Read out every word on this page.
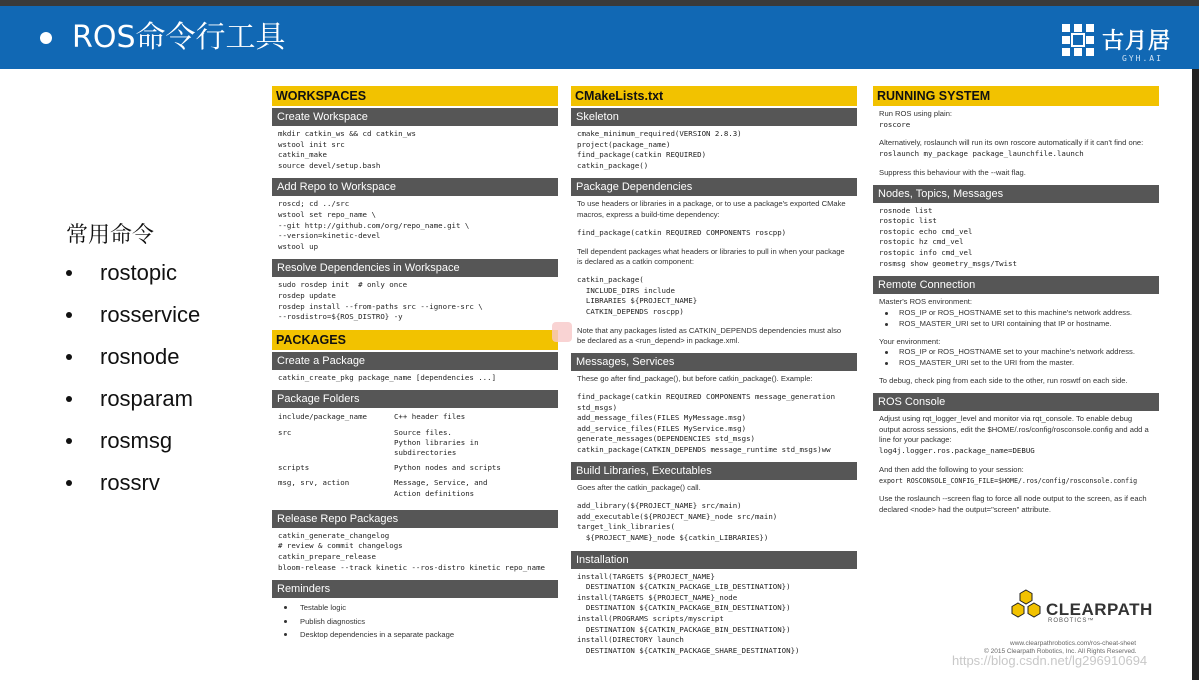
ROS命令行工具	古月居
GYH.AI
常用命令
rostopic
rosservice
rosnode
rosparam
rosmsg
rossrv
WORKSPACES
Create Workspace
mkdir catkin_ws && cd catkin_ws
wstool init src
catkin_make
source devel/setup.bash
Add Repo to Workspace
roscd; cd ../src
wstool set repo_name \
--git http://github.com/org/repo_name.git \
--version=kinetic-devel
wstool up
Resolve Dependencies in Workspace
sudo rosdep init  # only once
rosdep update
rosdep install --from-paths src --ignore-src \
--rosdistro=${ROS_DISTRO} -y
PACKAGES
Create a Package
catkin_create_pkg package_name [dependencies ...]
Package Folders
include/package_name	C++ header files
src	Source files.
Python libraries in
subdirectories
scripts	Python nodes and scripts
msg, srv, action	Message, Service, and
Action definitions
Release Repo Packages
catkin_generate_changelog
# review & commit changelogs
catkin_prepare_release
bloom-release --track kinetic --ros-distro kinetic repo_name
Reminders
Testable logic
Publish diagnostics
Desktop dependencies in a separate package
CMakeLists.txt
Skeleton
cmake_minimum_required(VERSION 2.8.3)
project(package_name)
find_package(catkin REQUIRED)
catkin_package()
Package Dependencies
To use headers or libraries in a package, or to use a package's exported CMake macros, express a build-time dependency:
find_package(catkin REQUIRED COMPONENTS roscpp)
Tell dependent packages what headers or libraries to pull in when your package is declared as a catkin component:
catkin_package(
INCLUDE_DIRS include
LIBRARIES ${PROJECT_NAME}
CATKIN_DEPENDS roscpp)
Note that any packages listed as CATKIN_DEPENDS dependencies must also be declared as a <run_depend> in package.xml.
Messages, Services
These go after find_package(), but before catkin_package(). Example:
find_package(catkin REQUIRED COMPONENTS message_generation
std_msgs)
add_message_files(FILES MyMessage.msg)
add_service_files(FILES MyService.msg)
generate_messages(DEPENDENCIES std_msgs)
catkin_package(CATKIN_DEPENDS message_runtime std_msgs)ww
Build Libraries, Executables
Goes after the catkin_package() call.
add_library(${PROJECT_NAME} src/main)
add_executable(${PROJECT_NAME}_node src/main)
target_link_libraries(
${PROJECT_NAME}_node ${catkin_LIBRARIES})
Installation
install(TARGETS ${PROJECT_NAME}
DESTINATION ${CATKIN_PACKAGE_LIB_DESTINATION})
install(TARGETS ${PROJECT_NAME}_node
DESTINATION ${CATKIN_PACKAGE_BIN_DESTINATION})
install(PROGRAMS scripts/myscript
DESTINATION ${CATKIN_PACKAGE_BIN_DESTINATION})
install(DIRECTORY launch
DESTINATION ${CATKIN_PACKAGE_SHARE_DESTINATION})
RUNNING SYSTEM
Run ROS using plain:
roscore
Alternatively, roslaunch will run its own roscore automatically if it can't find one:
roslaunch my_package package_launchfile.launch
Suppress this behaviour with the --wait flag.
Nodes, Topics, Messages
rosnode list
rostopic list
rostopic echo cmd_vel
rostopic hz cmd_vel
rostopic info cmd_vel
rosmsg show geometry_msgs/Twist
Remote Connection
Master's ROS environment:
ROS_IP or ROS_HOSTNAME set to this machine's network address.
ROS_MASTER_URI set to URI containing that IP or hostname.
Your environment:
ROS_IP or ROS_HOSTNAME set to your machine's network address.
ROS_MASTER_URI set to the URI from the master.
To debug, check ping from each side to the other, run roswtf on each side.
ROS Console
Adjust using rqt_logger_level and monitor via rqt_console. To enable debug output across sessions, edit the $HOME/.ros/config/rosconsole.config and add a line for your package:
log4j.logger.ros.package_name=DEBUG
And then add the following to your session:
export ROSCONSOLE_CONFIG_FILE=$HOME/.ros/config/rosconsole.config
Use the roslaunch --screen flag to force all node output to the screen, as if each declared <node> had the output="screen" attribute.
CLEARPATH
ROBOTICS™
www.clearpathrobotics.com/ros-cheat-sheet
© 2015 Clearpath Robotics, Inc. All Rights Reserved.
https://blog.csdn.net/lg296910694
